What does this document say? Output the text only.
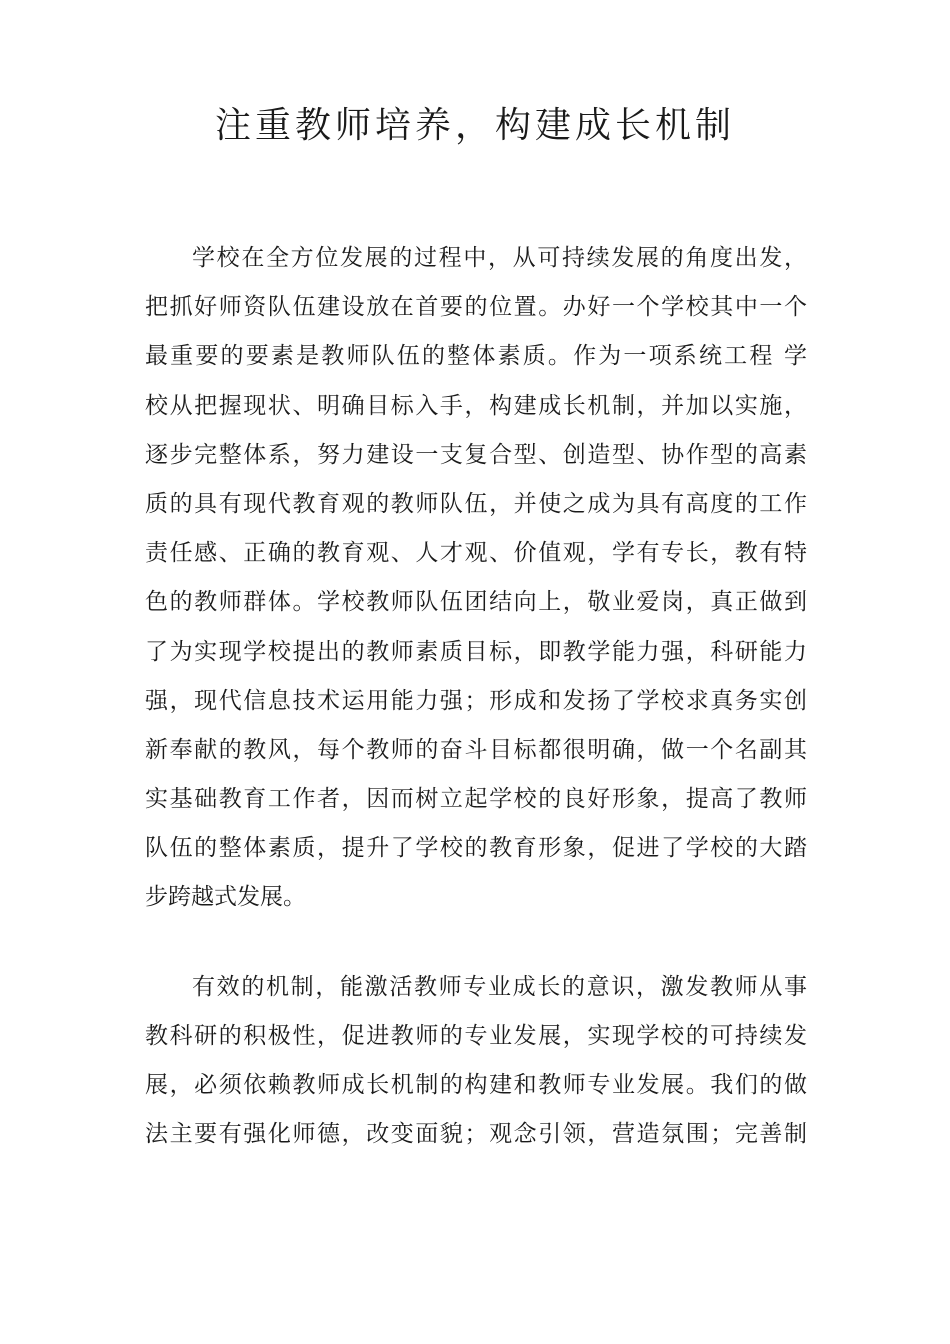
注重教师培养，构建成长机制

学校在全方位发展的过程中，从可持续发展的角度出发，
把抓好师资队伍建设放在首要的位置。办好一个学校其中一个
最重要的要素是教师队伍的整体素质。作为一项系统工程 学
校从把握现状、明确目标入手，构建成长机制，并加以实施，
逐步完整体系，努力建设一支复合型、创造型、协作型的高素
质的具有现代教育观的教师队伍，并使之成为具有高度的工作
责任感、正确的教育观、人才观、价值观，学有专长，教有特
色的教师群体。学校教师队伍团结向上，敬业爱岗，真正做到
了为实现学校提出的教师素质目标，即教学能力强，科研能力
强，现代信息技术运用能力强；形成和发扬了学校求真务实创
新奉献的教风，每个教师的奋斗目标都很明确，做一个名副其
实基础教育工作者，因而树立起学校的良好形象，提高了教师
队伍的整体素质，提升了学校的教育形象，促进了学校的大踏
步跨越式发展。

有效的机制，能激活教师专业成长的意识，激发教师从事
教科研的积极性，促进教师的专业发展，实现学校的可持续发
展，必须依赖教师成长机制的构建和教师专业发展。我们的做
法主要有强化师德，改变面貌；观念引领，营造氛围；完善制
